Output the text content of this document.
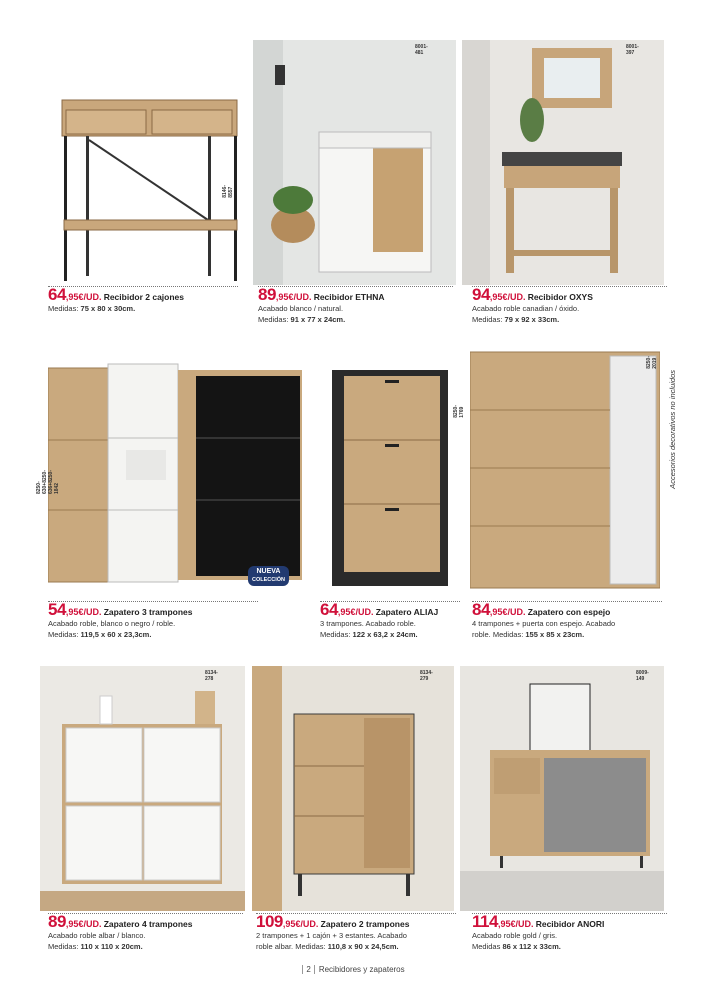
8146-8557
64,95€/UD. Recibidor 2 cajones
Medidas: 75 x 80 x 30cm.
8001-481
89,95€/UD. Recibidor ETHNA
Acabado blanco / natural.
Medidas: 91 x 77 x 24cm.
8001-397
94,95€/UD. Recibidor OXYS
Acabado roble canadian / óxido.
Medidas: 79 x 92 x 33cm.
NUEVA
COLECCIÓN
8250-630+8250-636+8250-1842
54,95€/UD. Zapatero 3 trampones
Acabado roble, blanco o negro / roble.
Medidas: 119,5 x 60 x 23,3cm.
8250-1769
64,95€/UD. Zapatero ALIAJ
3 trampones. Acabado roble.
Medidas: 122 x 63,2 x 24cm.
8250-2019
84,95€/UD. Zapatero con espejo
4 trampones + puerta con espejo. Acabado
roble. Medidas: 155 x 85 x 23cm.
Accesorios decorativos no incluidos
8134-278
89,95€/UD. Zapatero 4 trampones
Acabado roble albar / blanco.
Medidas: 110 x 110 x 20cm.
8134-279
109,95€/UD. Zapatero 2 trampones
2 trampones + 1 cajón + 3 estantes. Acabado
roble albar. Medidas: 110,8 x 90 x 24,5cm.
8009-149
114,95€/UD. Recibidor ANORI
Acabado roble gold / gris.
Medidas 86 x 112 x 33cm.
2 Recibidores y zapateros
